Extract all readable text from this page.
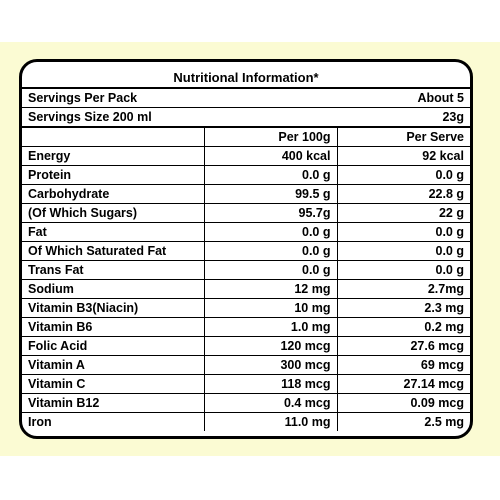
Nutritional Information*
Servings Per Pack	About 5	
Servings Size 200 ml	23g	
	Per 100g	Per Serve
Energy	400 kcal	92 kcal
Protein	0.0 g	0.0 g
Carbohydrate	99.5 g	22.8 g
(Of Which Sugars)	95.7g	22 g
Fat	0.0 g	0.0 g
Of Which Saturated Fat	0.0 g	0.0 g
Trans Fat	0.0 g	0.0 g
Sodium	12 mg	2.7mg
Vitamin B3(Niacin)	10 mg	2.3 mg
Vitamin B6	1.0 mg	0.2 mg
Folic Acid	120 mcg	27.6 mcg
Vitamin A	300 mcg	69 mcg
Vitamin C	118 mcg	27.14 mcg
Vitamin B12	0.4 mcg	0.09 mcg
Iron	11.0 mg	2.5 mg
